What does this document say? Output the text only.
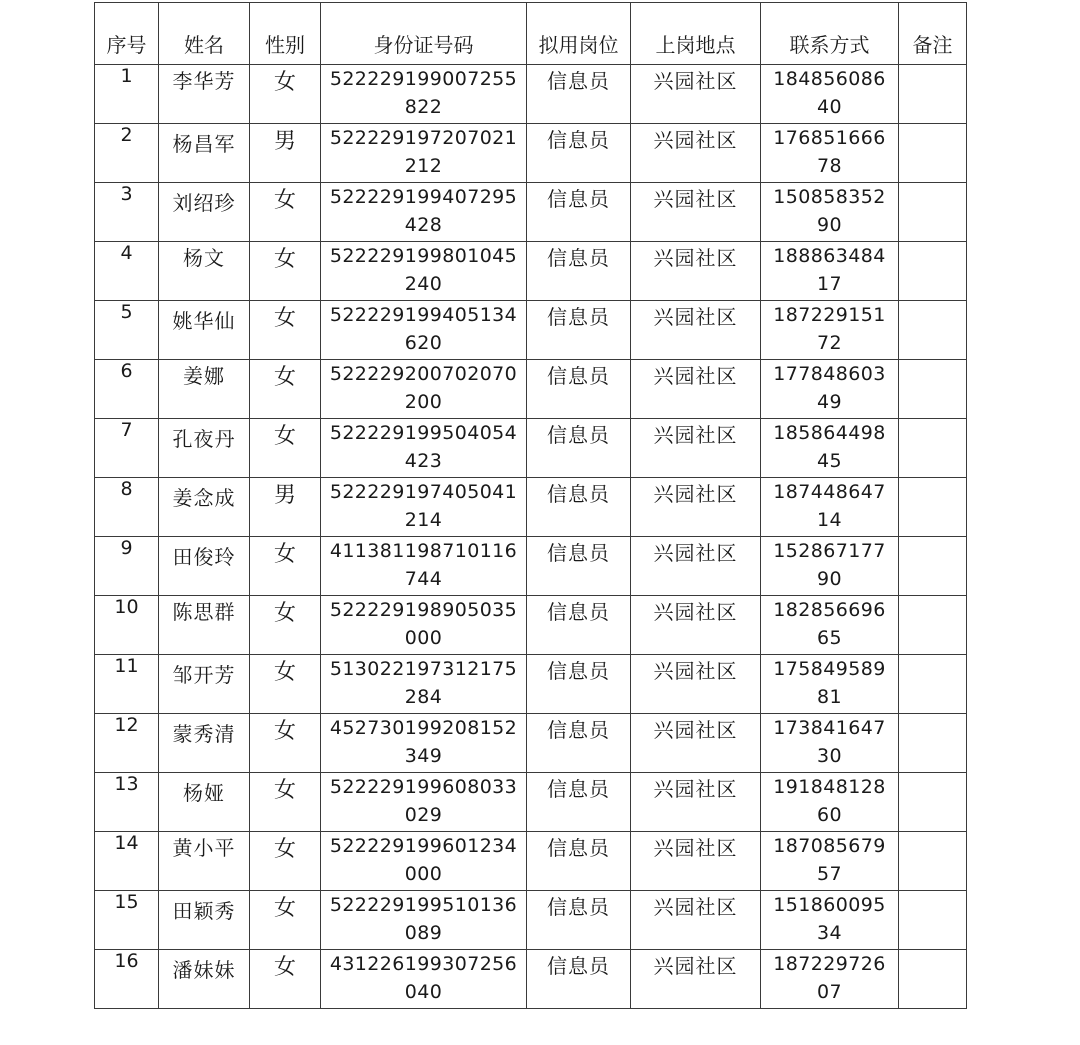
序号	姓名	性别	身份证号码	拟用岗位	上岗地点	联系方式	备注
1	李华芳	女	522229199007255822	信息员	兴园社区	18485608640	

2	杨昌军	男	522229197207021212	信息员	兴园社区	17685166678	

3	刘绍珍	女	522229199407295428	信息员	兴园社区	15085835290	

4	杨文	女	522229199801045240	信息员	兴园社区	18886348417	

5	姚华仙	女	522229199405134620	信息员	兴园社区	18722915172	

6	姜娜	女	522229200702070200	信息员	兴园社区	17784860349	

7	孔夜丹	女	522229199504054423	信息员	兴园社区	18586449845	

8	姜念成	男	522229197405041214	信息员	兴园社区	18744864714	

9	田俊玲	女	411381198710116744	信息员	兴园社区	15286717790	

10	陈思群	女	522229198905035000	信息员	兴园社区	18285669665	

11	邹开芳	女	513022197312175284	信息员	兴园社区	17584958981	

12	蒙秀清	女	452730199208152349	信息员	兴园社区	17384164730	

13	杨娅	女	522229199608033029	信息员	兴园社区	19184812860	

14	黄小平	女	522229199601234000	信息员	兴园社区	18708567957	

15	田颖秀	女	522229199510136089	信息员	兴园社区	15186009534	

16	潘妹妹	女	431226199307256040	信息员	兴园社区	18722972607	
